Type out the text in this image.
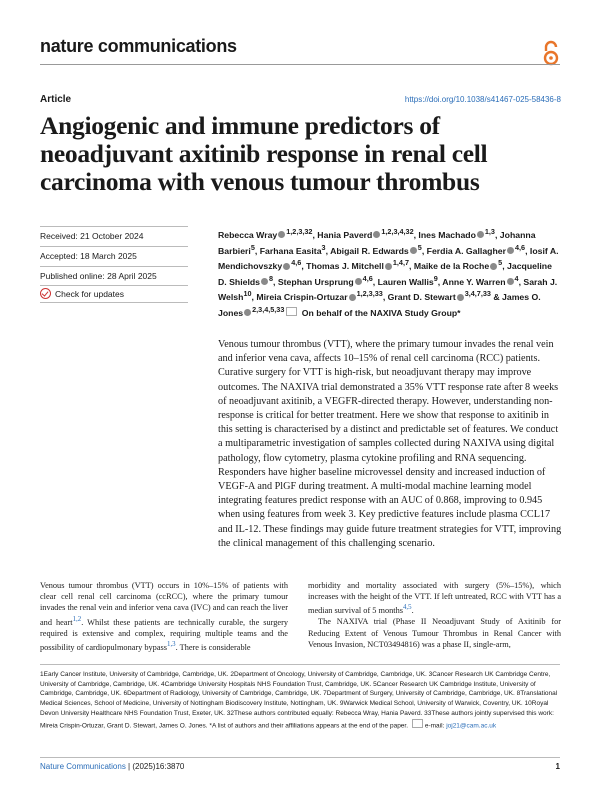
nature communications
Article	https://doi.org/10.1038/s41467-025-58436-8
Angiogenic and immune predictors of neoadjuvant axitinib response in renal cell carcinoma with venous tumour thrombus
Received: 21 October 2024
Accepted: 18 March 2025
Published online: 28 April 2025
Check for updates
Rebecca Wray $^{1,2,3,32}$, Hania Paverd $^{1,2,3,4,32}$, Ines Machado $^{1,3}$, Johanna Barbieri$^5$, Farhana Easita$^3$, Abigail R. Edwards $^5$, Ferdia A. Gallagher $^{4,6}$, Iosif A. Mendichovszky $^{4,6}$, Thomas J. Mitchell $^{1,4,7}$, Maike de la Roche $^5$, Jacqueline D. Shields $^8$, Stephan Ursprung $^{4,6}$, Lauren Wallis$^9$, Anne Y. Warren $^4$, Sarah J. Welsh$^{10}$, Mireia Crispin-Ortuzar $^{1,2,3,33}$, Grant D. Stewart $^{3,4,7,33}$ & James O. Jones $^{2,3,4,5,33}$ On behalf of the NAXIVA Study Group*
Venous tumour thrombus (VTT), where the primary tumour invades the renal vein and inferior vena cava, affects 10–15% of renal cell carcinoma (RCC) patients. Curative surgery for VTT is high-risk, but neoadjuvant therapy may improve outcomes. The NAXIVA trial demonstrated a 35% VTT response rate after 8 weeks of neoadjuvant axitinib, a VEGFR-directed therapy. However, understanding non-response is critical for better treatment. Here we show that response to axitinib in this setting is characterised by a distinct and predictable set of features. We conduct a multiparametric investigation of samples collected during NAXIVA using digital pathology, flow cytometry, plasma cytokine profiling and RNA sequencing. Responders have higher baseline microvessel density and increased induction of VEGF-A and PlGF during treatment. A multi-modal machine learning model integrating features predict response with an AUC of 0.868, improving to 0.945 when using features from week 3. Key predictive features include plasma CCL17 and IL-12. These findings may guide future treatment strategies for VTT, improving the clinical management of this challenging scenario.
Venous tumour thrombus (VTT) occurs in 10%–15% of patients with clear cell renal cell carcinoma (ccRCC), where the primary tumour invades the renal vein and inferior vena cava (IVC) and can reach the liver and heart$^{1,2}$. Whilst these patients are technically curable, the surgery required is extensive and complex, requiring multiple teams and the possibility of cardiopulmonary bypass$^{1,3}$. There is considerable
morbidity and mortality associated with surgery (5%–15%), which increases with the height of the VTT. If left untreated, RCC with VTT has a median survival of 5 months$^{4,5}$.
The NAXIVA trial (Phase II Neoadjuvant Study of Axitinib for Reducing Extent of Venous Tumour Thrombus in Renal Cancer with Venous Invasion, NCT03494816) was a phase II, single-arm,
1Early Cancer Institute, University of Cambridge, Cambridge, UK. 2Department of Oncology, University of Cambridge, Cambridge, UK. 3Cancer Research UK Cambridge Centre, University of Cambridge, Cambridge, UK. 4Cambridge University Hospitals NHS Foundation Trust, Cambridge, UK. 5Cancer Research UK Cambridge Institute, University of Cambridge, Cambridge, UK. 6Department of Radiology, University of Cambridge, Cambridge, UK. 7Department of Surgery, University of Cambridge, Cambridge, UK. 8Translational Medical Sciences, School of Medicine, University of Nottingham Biodiscovery Institute, Nottingham, UK. 9Warwick Medical School, University of Warwick, Coventry, UK. 10Royal Devon University Healthcare NHS Foundation Trust, Exeter, UK. 32These authors contributed equally: Rebecca Wray, Hania Paverd. 33These authors jointly supervised this work: Mireia Crispin-Ortuzar, Grant D. Stewart, James O. Jones. *A list of authors and their affiliations appears at the end of the paper.	e-mail: joj21@cam.ac.uk
Nature Communications | (2025)16:3870	1
